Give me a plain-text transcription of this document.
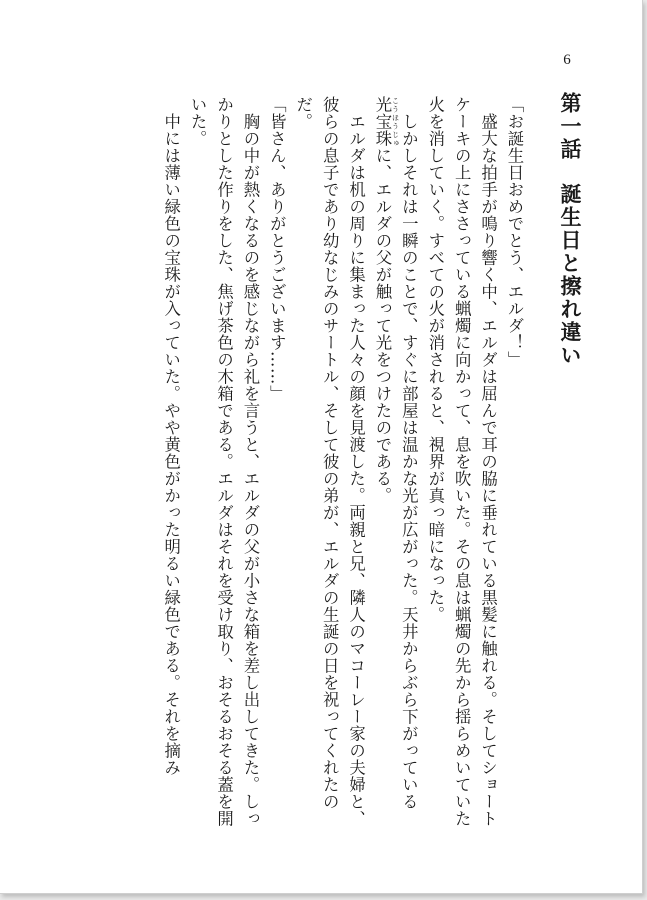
6
第一話誕生日と擦れ違い

「お誕生日おめでとう、エルダ！」

　盛大な拍手が鳴り響く中、エルダは屈んで耳の脇に垂れている黒髪に触れる。そしてショートケーキの上にささっている蝋燭に向かって、息を吹いた。その息は蝋燭の先から揺らめいていた火を消していく。すべての火が消されると、視界が真っ暗になった。

　しかしそれは一瞬のことで、すぐに部屋は温かな光が広がった。天井からぶら下がっている光宝珠 こうほうじゅに、エルダの父が触って光をつけたのである。

　エルダは机の周りに集まった人々の顔を見渡した。両親と兄、隣人のマコーレー家の夫婦と、彼らの息子であり幼なじみのサートル、そして彼の弟が、エルダの生誕の日を祝ってくれたのだ。

「皆さん、ありがとうございます……」

　胸の中が熱くなるのを感じながら礼を言うと、エルダの父が小さな箱を差し出してきた。しっかりとした作りをした、焦げ茶色の木箱である。エルダはそれを受け取り、おそるおそる蓋を開いた。

　中には薄い緑色の宝珠が入っていた。やや黄色がかった明るい緑色である。それを摘み
